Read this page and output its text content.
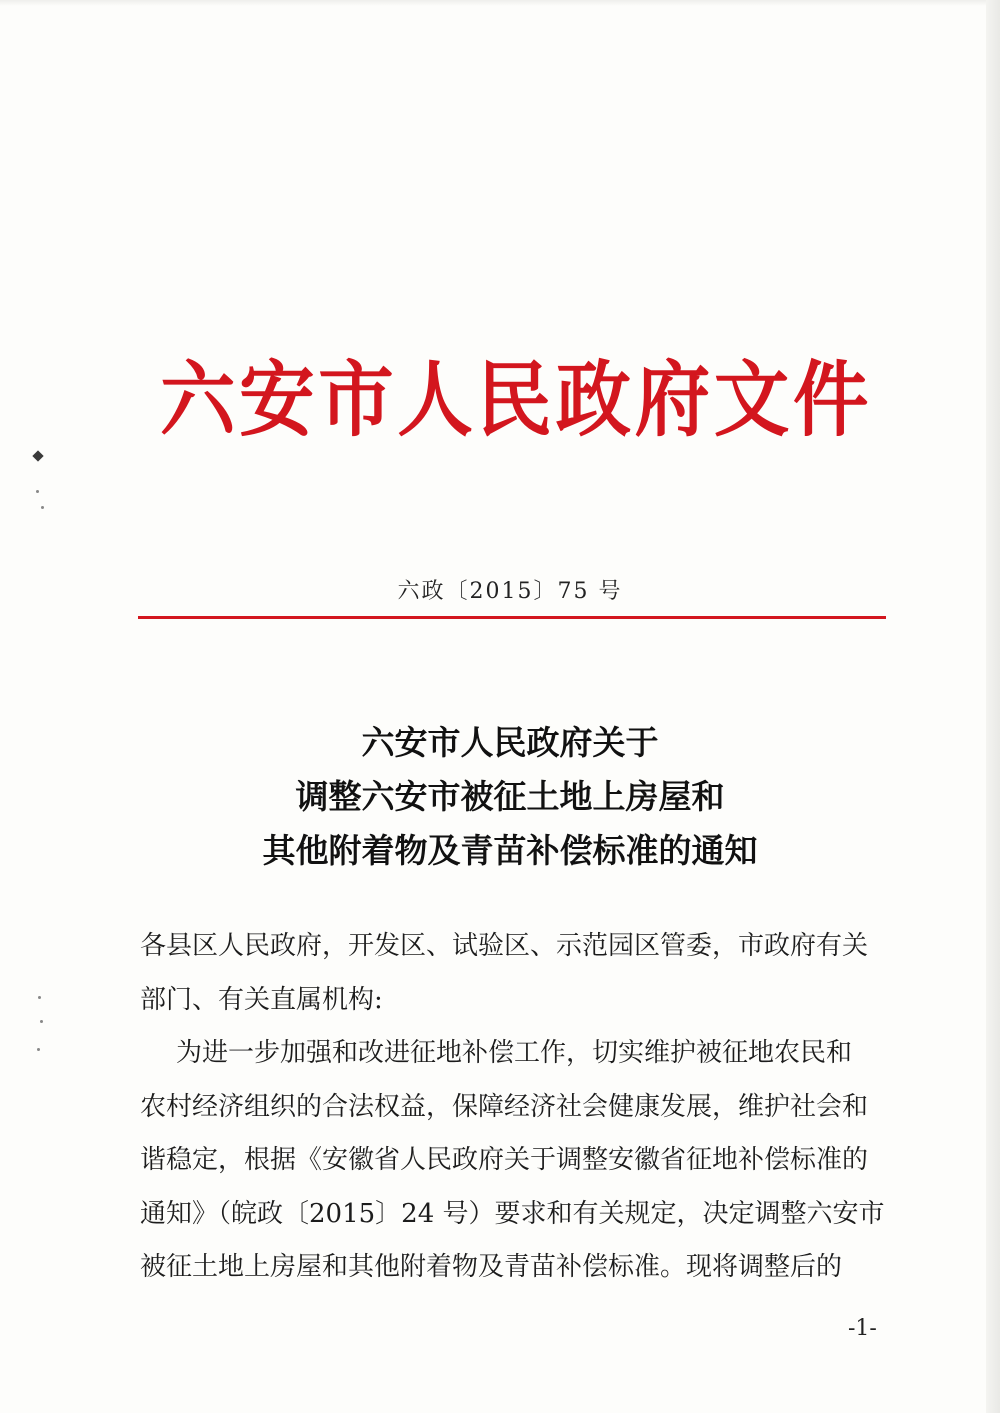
六安市人民政府文件
六政〔2015〕75 号
六安市人民政府关于
调整六安市被征土地上房屋和
其他附着物及青苗补偿标准的通知

各县区人民政府，开发区、试验区、示范园区管委，市政府有关

部门、有关直属机构:

为进一步加强和改进征地补偿工作，切实维护被征地农民和

农村经济组织的合法权益，保障经济社会健康发展，维护社会和

谐稳定，根据《安徽省人民政府关于调整安徽省征地补偿标准的

通知》（皖政〔2015〕24 号）要求和有关规定，决定调整六安市

被征土地上房屋和其他附着物及青苗补偿标准。现将调整后的

-1-
